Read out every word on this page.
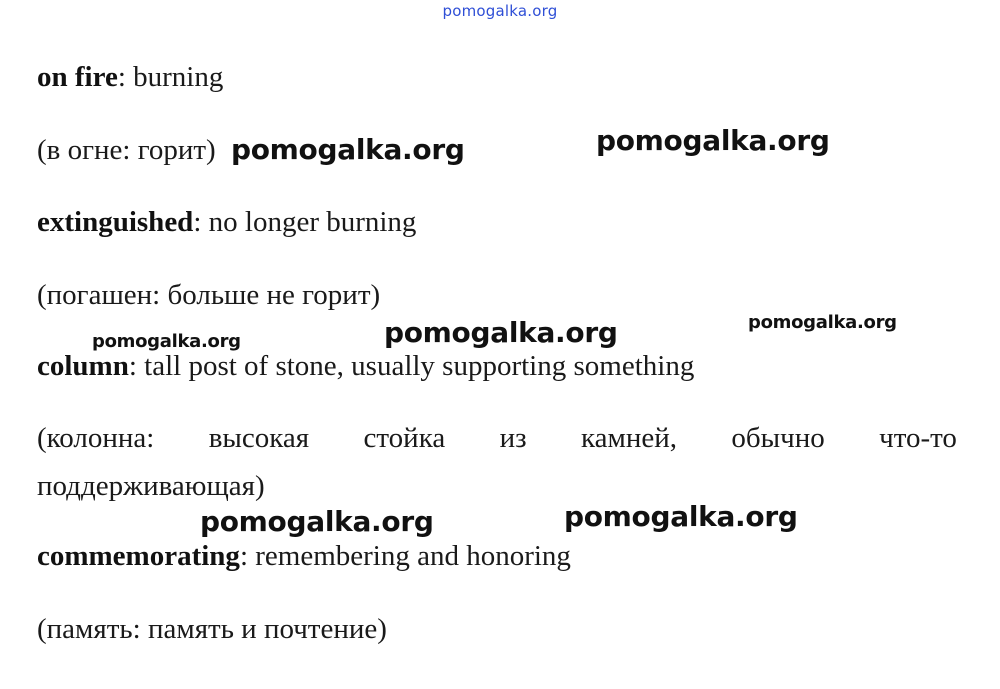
pomogalka.org
on fire: burning
(в огне: горит)
extinguished: no longer burning
(погашен: больше не горит)
column: tall post of stone, usually supporting something
(колонна: высокая стойка из камней, обычно что-то
поддерживающая)
commemorating: remembering and honoring
(память: память и почтение)
pomogalka.org	pomogalka.org
pomogalka.org	pomogalka.org	pomogalka.org
pomogalka.org	pomogalka.org
